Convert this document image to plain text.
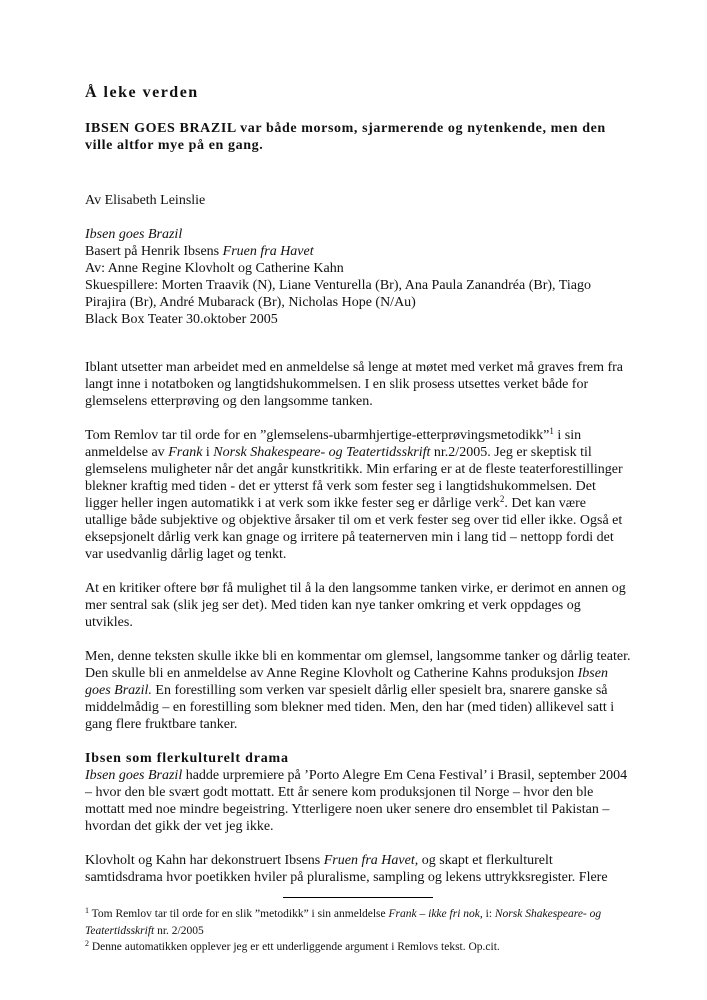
Å leke verden
IBSEN GOES BRAZIL var både morsom, sjarmerende og nytenkende, men den ville altfor mye på en gang.
Av Elisabeth Leinslie

Ibsen goes Brazil

Basert på Henrik Ibsens Fruen fra Havet

Av: Anne Regine Klovholt og Catherine Kahn

Skuespillere: Morten Traavik (N), Liane Venturella (Br), Ana Paula Zanandréa (Br), Tiago Pirajira (Br), André Mubarack (Br), Nicholas Hope (N/Au)

Black Box Teater 30.oktober 2005

Iblant utsetter man arbeidet med en anmeldelse så lenge at møtet med verket må graves frem fra langt inne i notatboken og langtidshukommelsen. I en slik prosess utsettes verket både for glemselens etterprøving og den langsomme tanken.

Tom Remlov tar til orde for en ”glemselens-ubarmhjertige-etterprøvingsmetodikk”$^1$ i sin anmeldelse av Frank i Norsk Shakespeare- og Teatertidsskrift nr.2/2005. Jeg er skeptisk til glemselens muligheter når det angår kunstkritikk. Min erfaring er at de fleste teaterforestillinger blekner kraftig med tiden - det er ytterst få verk som fester seg i langtidshukommelsen. Det ligger heller ingen automatikk i at verk som ikke fester seg er dårlige verk$^2$. Det kan være utallige både subjektive og objektive årsaker til om et verk fester seg over tid eller ikke. Også et eksepsjonelt dårlig verk kan gnage og irritere på teaternerven min i lang tid – nettopp fordi det var usedvanlig dårlig laget og tenkt.

At en kritiker oftere bør få mulighet til å la den langsomme tanken virke, er derimot en annen og mer sentral sak (slik jeg ser det). Med tiden kan nye tanker omkring et verk oppdages og utvikles.

Men, denne teksten skulle ikke bli en kommentar om glemsel, langsomme tanker og dårlig teater. Den skulle bli en anmeldelse av Anne Regine Klovholt og Catherine Kahns produksjon Ibsen goes Brazil. En forestilling som verken var spesielt dårlig eller spesielt bra, snarere ganske så middelmådig – en forestilling som blekner med tiden. Men, den har (med tiden) allikevel satt i gang flere fruktbare tanker.

Ibsen som flerkulturelt drama

Ibsen goes Brazil hadde urpremiere på ’Porto Alegre Em Cena Festival’ i Brasil, september 2004 – hvor den ble svært godt mottatt. Ett år senere kom produksjonen til Norge – hvor den ble mottatt med noe mindre begeistring. Ytterligere noen uker senere dro ensemblet til Pakistan – hvordan det gikk der vet jeg ikke.

Klovholt og Kahn har dekonstruert Ibsens Fruen fra Havet, og skapt et flerkulturelt samtidsdrama hvor poetikken hviler på pluralisme, sampling og lekens uttrykksregister. Flere

$^1$ Tom Remlov tar til orde for en slik ”metodikk” i sin anmeldelse Frank – ikke fri nok, i: Norsk Shakespeare- og Teatertidsskrift nr. 2/2005

$^2$ Denne automatikken opplever jeg er ett underliggende argument i Remlovs tekst. Op.cit.
